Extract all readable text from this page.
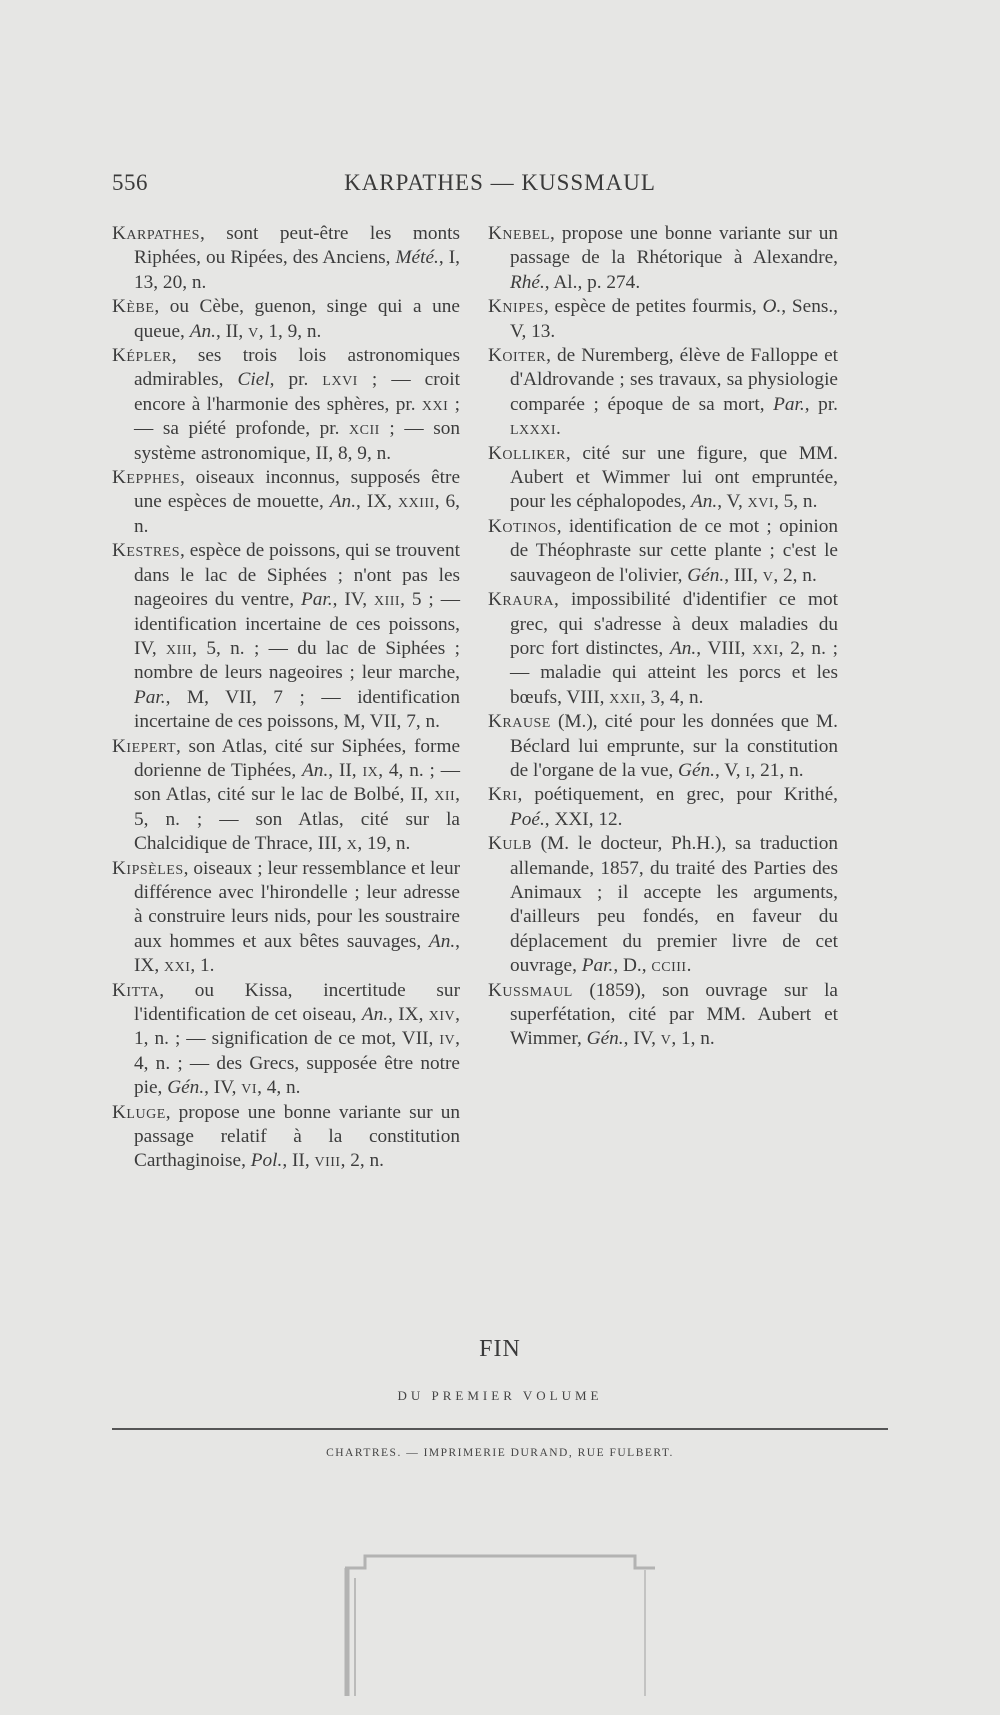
556	KARPATHES — KUSSMAUL

Karpathes, sont peut-être les monts Riphées, ou Ripées, des Anciens, Mété., I, 13, 20, n.

Kèbe, ou Cèbe, guenon, singe qui a une queue, An., II, v, 1, 9, n.

Képler, ses trois lois astronomiques admirables, Ciel, pr. lxvi ; — croit encore à l'harmonie des sphères, pr. xxi ; — sa piété profonde, pr. xcii ; — son système astronomique, II, 8, 9, n.

Kepphes, oiseaux inconnus, supposés être une espèces de mouette, An., IX, xxiii, 6, n.

Kestres, espèce de poissons, qui se trouvent dans le lac de Siphées ; n'ont pas les nageoires du ventre, Par., IV, xiii, 5 ; — identification incertaine de ces poissons, IV, xiii, 5, n. ; — du lac de Siphées ; nombre de leurs nageoires ; leur marche, Par., M, VII, 7 ; — identification incertaine de ces poissons, M, VII, 7, n.

Kiepert, son Atlas, cité sur Siphées, forme dorienne de Tiphées, An., II, ix, 4, n. ; — son Atlas, cité sur le lac de Bolbé, II, xii, 5, n. ; — son Atlas, cité sur la Chalcidique de Thrace, III, x, 19, n.

Kipsèles, oiseaux ; leur ressemblance et leur différence avec l'hirondelle ; leur adresse à construire leurs nids, pour les soustraire aux hommes et aux bêtes sauvages, An., IX, xxi, 1.

Kitta, ou Kissa, incertitude sur l'identification de cet oiseau, An., IX, xiv, 1, n. ; — signification de ce mot, VII, iv, 4, n. ; — des Grecs, supposée être notre pie, Gén., IV, vi, 4, n.

Kluge, propose une bonne variante sur un passage relatif à la constitution Carthaginoise, Pol., II, viii, 2, n.

Knebel, propose une bonne variante sur un passage de la Rhétorique à Alexandre, Rhé., Al., p. 274.

Knipes, espèce de petites fourmis, O., Sens., V, 13.

Koiter, de Nuremberg, élève de Falloppe et d'Aldrovande ; ses travaux, sa physiologie comparée ; époque de sa mort, Par., pr. lxxxi.

Kolliker, cité sur une figure, que MM. Aubert et Wimmer lui ont empruntée, pour les céphalopodes, An., V, xvi, 5, n.

Kotinos, identification de ce mot ; opinion de Théophraste sur cette plante ; c'est le sauvageon de l'olivier, Gén., III, v, 2, n.

Kraura, impossibilité d'identifier ce mot grec, qui s'adresse à deux maladies du porc fort distinctes, An., VIII, xxi, 2, n. ; — maladie qui atteint les porcs et les bœufs, VIII, xxii, 3, 4, n.

Krause (M.), cité pour les données que M. Béclard lui emprunte, sur la constitution de l'organe de la vue, Gén., V, i, 21, n.

Kri, poétiquement, en grec, pour Krithé, Poé., XXI, 12.

Kulb (M. le docteur, Ph.H.), sa traduction allemande, 1857, du traité des Parties des Animaux ; il accepte les arguments, d'ailleurs peu fondés, en faveur du déplacement du premier livre de cet ouvrage, Par., D., cciii.

Kussmaul (1859), son ouvrage sur la superfétation, cité par MM. Aubert et Wimmer, Gén., IV, v, 1, n.

FIN
DU PREMIER VOLUME
CHARTRES. — IMPRIMERIE DURAND, RUE FULBERT.
